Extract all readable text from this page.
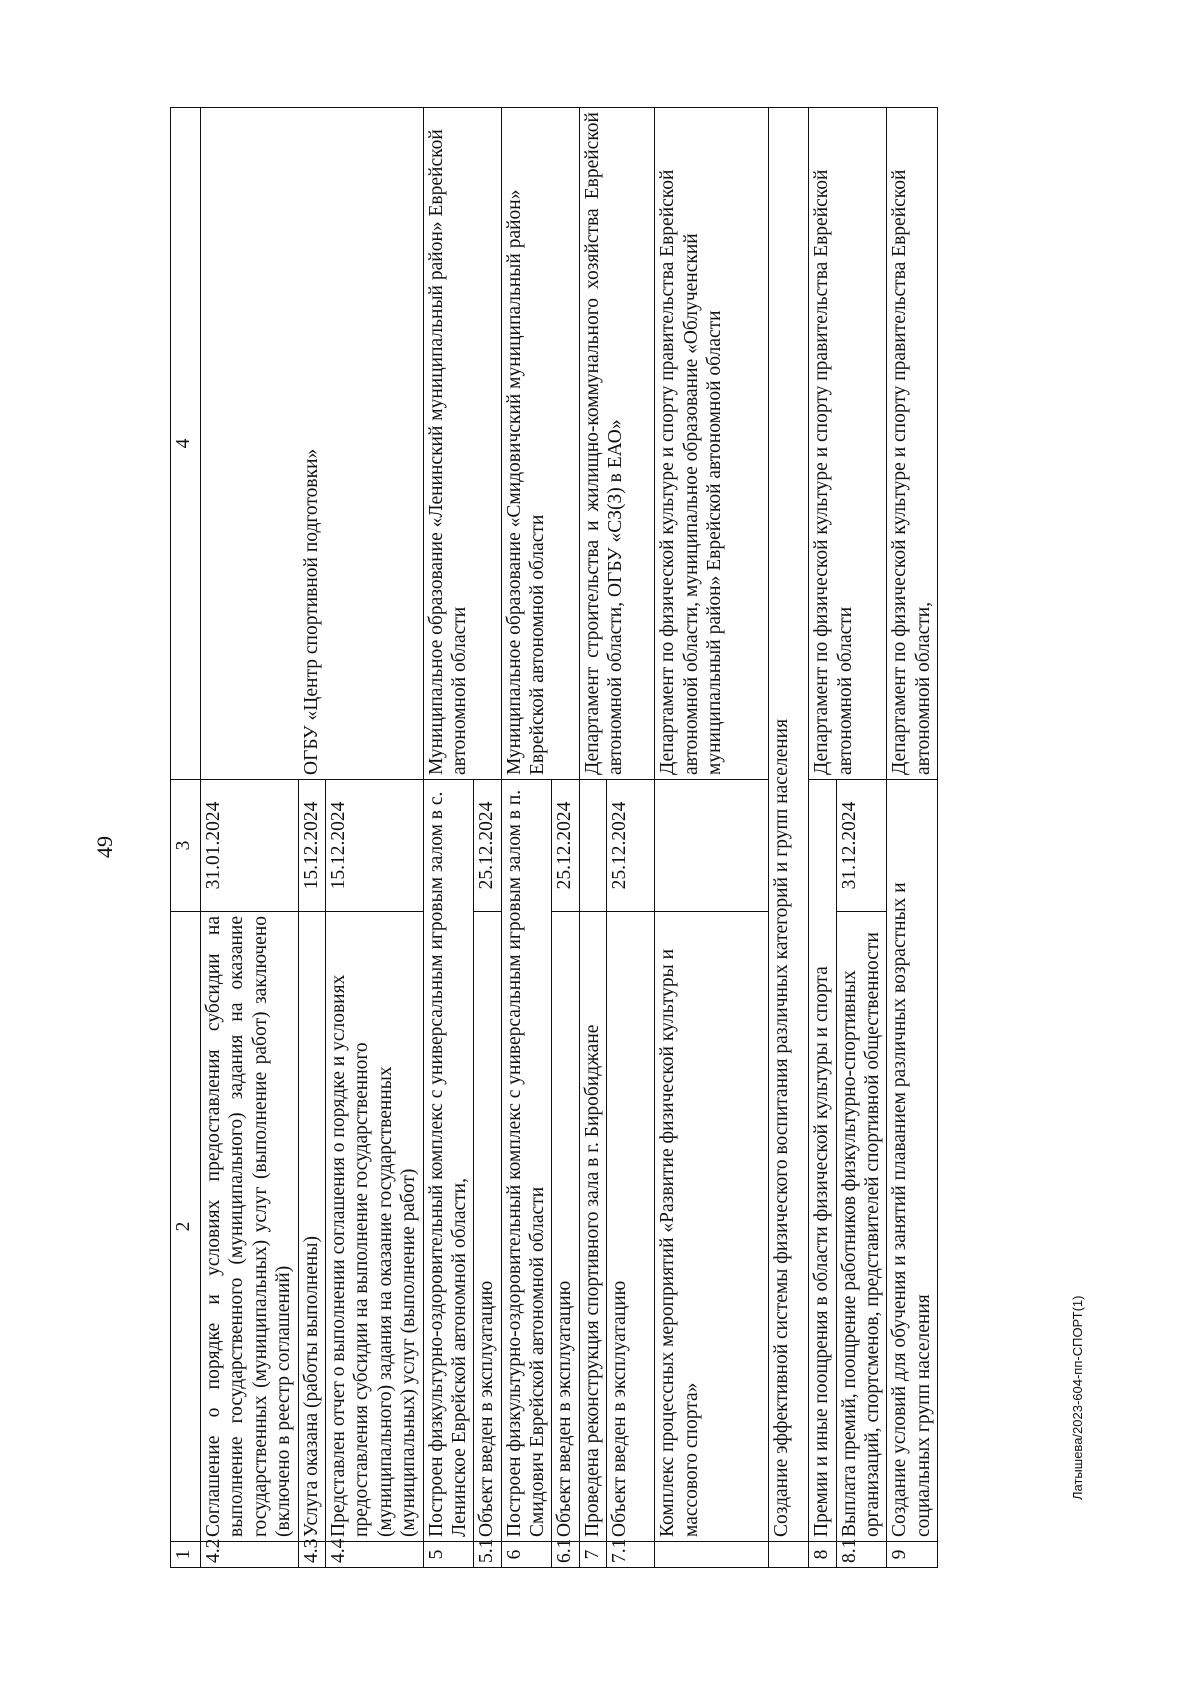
49
1	2	3	4
4.2	Соглашение о порядке и условиях предоставления субсидии на выполнение государственного (муниципального) задания на оказание государственных (муниципальных) услуг (выполнение работ) заключено (включено в реестр соглашений)	31.01.2024	ОГБУ «Центр спортивной подготовки»
4.3	Услуга оказана (работы выполнены)	15.12.2024	
4.4	Представлен отчет о выполнении соглашения о порядке и условиях предоставления субсидии на выполнение государственного (муниципального) задания на оказание государственных (муниципальных) услуг (выполнение работ)	15.12.2024	
5	Построен физкультурно-оздоровительный комплекс с универсальным игровым залом в с. Ленинское Еврейской автономной области,		Муниципальное образование «Ленинский муниципальный район» Еврейской автономной области
5.1	Объект введен в эксплуатацию	25.12.2024	
6	Построен физкультурно-оздоровительный комплекс с универсальным игровым залом в п. Смидович Еврейской автономной области		Муниципальное образование «Смидовичский муниципальный район» Еврейской автономной области
6.1	Объект введен в эксплуатацию	25.12.2024	
7	Проведена реконструкция спортивного зала в г. Биробиджане		Департамент строительства и жилищно-коммунального хозяйства Еврейской автономной области, ОГБУ «СЗ(З) в ЕАО»
7.1	Объект введен в эксплуатацию	25.12.2024	
	Комплекс процессных мероприятий «Развитие физической культуры и массового спорта»		Департамент по физической культуре и спорту правительства Еврейской автономной области, муниципальное образование «Облученский муниципальный район» Еврейской автономной области
	Создание эффективной системы физического воспитания различных категорий и групп населения		
8	Премии и иные поощрения в области физической культуры и спорта		Департамент по физической культуре и спорту правительства Еврейской автономной области
8.1	Выплата премий, поощрение работников физкультурно-спортивных организаций, спортсменов, представителей спортивной общественности	31.12.2024	
9	Создание условий для обучения и занятий плаванием различных возрастных и социальных групп населения		Департамент по физической культуре и спорту правительства Еврейской автономной области,
Латышева/2023-604-пп-СПОРТ(1)
